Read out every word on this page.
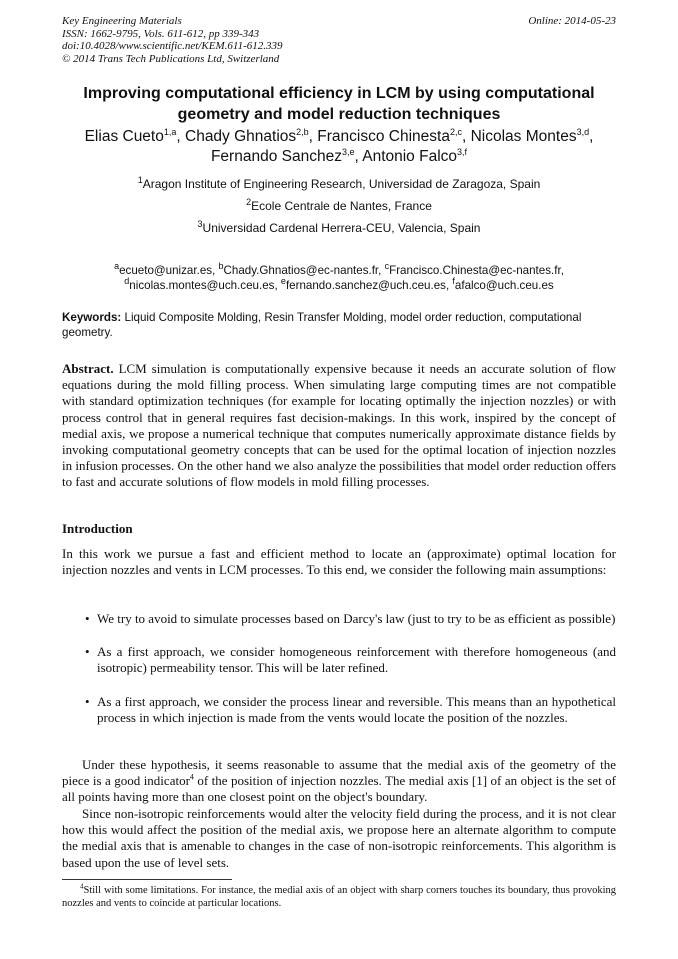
Key Engineering Materials
ISSN: 1662-9795, Vols. 611-612, pp 339-343
doi:10.4028/www.scientific.net/KEM.611-612.339
© 2014 Trans Tech Publications Ltd, Switzerland
Online: 2014-05-23
Improving computational efficiency in LCM by using computational geometry and model reduction techniques
Elias Cueto$^{1,a}$, Chady Ghnatios$^{2,b}$, Francisco Chinesta$^{2,c}$, Nicolas Montes$^{3,d}$,
Fernando Sanchez$^{3,e}$, Antonio Falco$^{3,f}$
$^1$Aragon Institute of Engineering Research, Universidad de Zaragoza, Spain
$^2$Ecole Centrale de Nantes, France
$^3$Universidad Cardenal Herrera-CEU, Valencia, Spain
$^a$ecueto@unizar.es, $^b$Chady.Ghnatios@ec-nantes.fr, $^c$Francisco.Chinesta@ec-nantes.fr,
$^d$nicolas.montes@uch.ceu.es, $^e$fernando.sanchez@uch.ceu.es, $^f$afalco@uch.ceu.es
Keywords: Liquid Composite Molding, Resin Transfer Molding, model order reduction, computational geometry.
Abstract. LCM simulation is computationally expensive because it needs an accurate solution of flow equations during the mold filling process. When simulating large computing times are not compatible with standard optimization techniques (for example for locating optimally the injection nozzles) or with process control that in general requires fast decision-makings. In this work, inspired by the concept of medial axis, we propose a numerical technique that computes numerically approximate distance fields by invoking computational geometry concepts that can be used for the optimal location of injection nozzles in infusion processes. On the other hand we also analyze the possibilities that model order reduction offers to fast and accurate solutions of flow models in mold filling processes.
Introduction
In this work we pursue a fast and efficient method to locate an (approximate) optimal location for injection nozzles and vents in LCM processes. To this end, we consider the following main assumptions:
• We try to avoid to simulate processes based on Darcy's law (just to try to be as efficient as possible)
• As a first approach, we consider homogeneous reinforcement with therefore homogeneous (and isotropic) permeability tensor. This will be later refined.
• As a first approach, we consider the process linear and reversible. This means than an hypothetical process in which injection is made from the vents would locate the position of the nozzles.
Under these hypothesis, it seems reasonable to assume that the medial axis of the geometry of the piece is a good indicator$^4$ of the position of injection nozzles. The medial axis [1] of an object is the set of all points having more than one closest point on the object's boundary.
Since non-isotropic reinforcements would alter the velocity field during the process, and it is not clear how this would affect the position of the medial axis, we propose here an alternate algorithm to compute the medial axis that is amenable to changes in the case of non-isotropic reinforcements. This algorithm is based upon the use of level sets.
$^4$Still with some limitations. For instance, the medial axis of an object with sharp corners touches its boundary, thus provoking nozzles and vents to coincide at particular locations.
